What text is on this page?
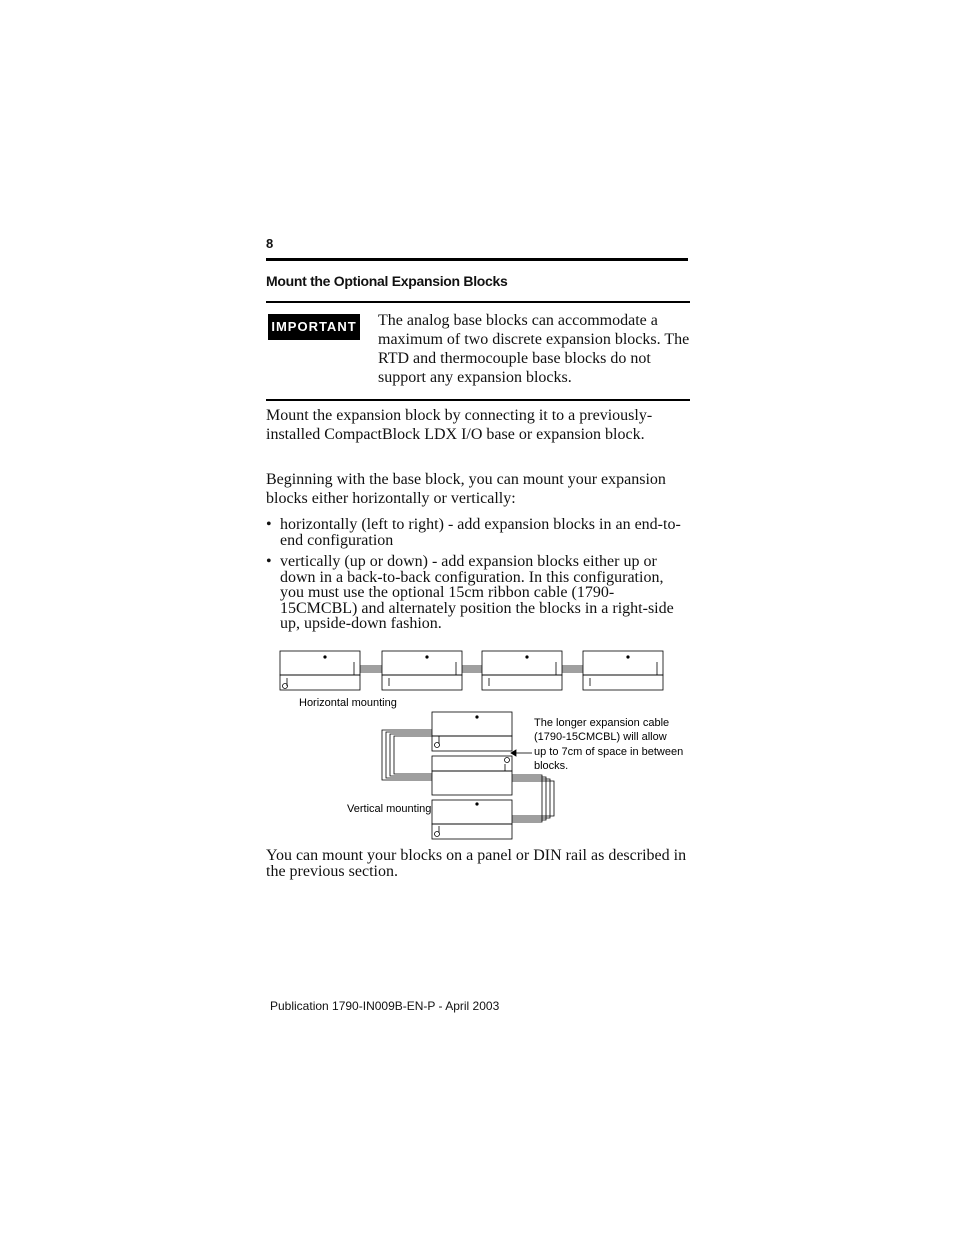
8
Mount the Optional Expansion Blocks
IMPORTANT The analog base blocks can accommodate a maximum of two discrete expansion blocks. The RTD and thermocouple base blocks do not support any expansion blocks.
Mount the expansion block by connecting it to a previously-installed CompactBlock LDX I/O base or expansion block.
Beginning with the base block, you can mount your expansion blocks either horizontally or vertically:
• horizontally (left to right) - add expansion blocks in an end-to-end configuration
• vertically (up or down) - add expansion blocks either up or down in a back-to-back configuration. In this configuration, you must use the optional 15cm ribbon cable (1790-15CMCBL) and alternately position the blocks in a right-side up, upside-down fashion.
Horizontal mounting
Vertical mounting
The longer expansion cable
(1790-15CMCBL) will allow
up to 7cm of space in between
blocks.
You can mount your blocks on a panel or DIN rail as described in the previous section.
Publication 1790-IN009B-EN-P - April 2003
